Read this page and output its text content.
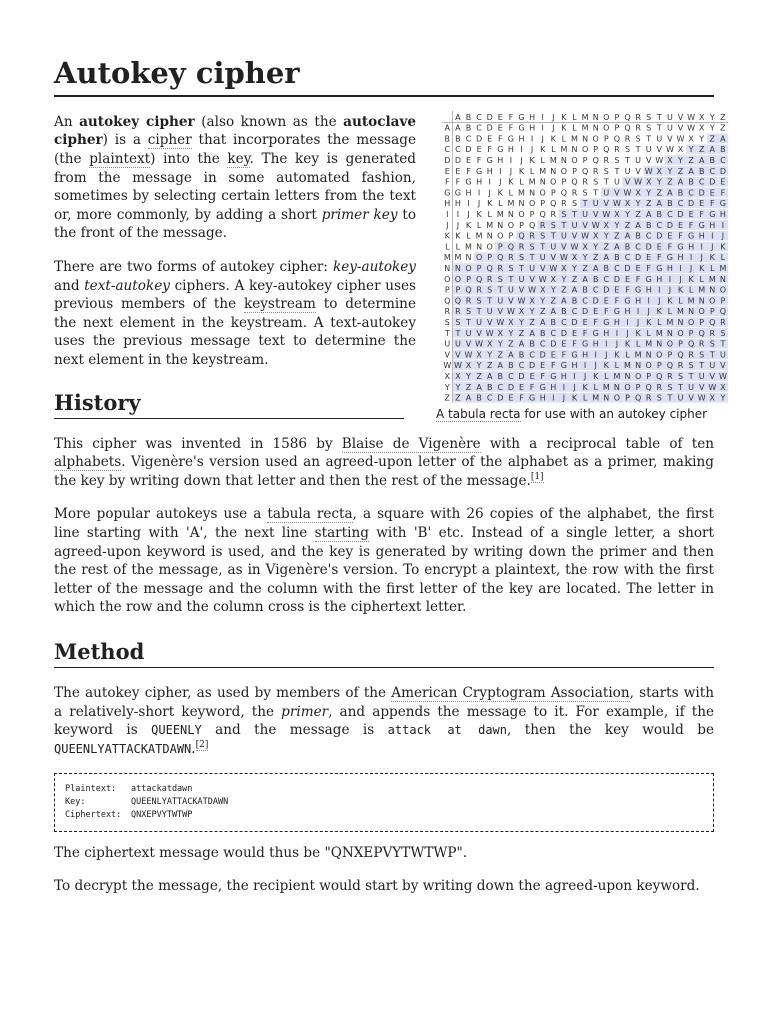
Autokey cipher
A B C D E F G H I J K L M N O P Q R S T U V W X Y Z
A A B C D E F G H I J K L M N O P Q R S T U V W X Y Z
B B C D E F G H I J K L M N O P Q R S T U V W X Y Z A
C C D E F G H I J K L M N O P Q R S T U V W X Y Z A B
D D E F G H I J K L M N O P Q R S T U V W X Y Z A B C
E E F G H I J K L M N O P Q R S T U V W X Y Z A B C D
F F G H I J K L M N O P Q R S T U V W X Y Z A B C D E
G G H I J K L M N O P Q R S T U V W X Y Z A B C D E F
H H I J K L M N O P Q R S T U V W X Y Z A B C D E F G
I I J K L M N O P Q R S T U V W X Y Z A B C D E F G H
J J K L M N O P Q R S T U V W X Y Z A B C D E F G H I
K K L M N O P Q R S T U V W X Y Z A B C D E F G H I J
L L M N O P Q R S T U V W X Y Z A B C D E F G H I J K
M M N O P Q R S T U V W X Y Z A B C D E F G H I J K L
N N O P Q R S T U V W X Y Z A B C D E F G H I J K L M
O O P Q R S T U V W X Y Z A B C D E F G H I J K L M N
P P Q R S T U V W X Y Z A B C D E F G H I J K L M N O
Q Q R S T U V W X Y Z A B C D E F G H I J K L M N O P
R R S T U V W X Y Z A B C D E F G H I J K L M N O P Q
S S T U V W X Y Z A B C D E F G H I J K L M N O P Q R
T T U V W X Y Z A B C D E F G H I J K L M N O P Q R S
U U V W X Y Z A B C D E F G H I J K L M N O P Q R S T
V V W X Y Z A B C D E F G H I J K L M N O P Q R S T U
W W X Y Z A B C D E F G H I J K L M N O P Q R S T U V
X X Y Z A B C D E F G H I J K L M N O P Q R S T U V W
Y Y Z A B C D E F G H I J K L M N O P Q R S T U V W X
Z Z A B C D E F G H I J K L M N O P Q R S T U V W X Y
A tabula recta for use with an autokey cipher

An autokey cipher (also known as the autoclave cipher) is a cipher that incorporates the message (the plaintext) into the key. The key is generated from the message in some automated fashion, sometimes by selecting certain letters from the text or, more commonly, by adding a short primer key to the front of the message.

There are two forms of autokey cipher: key-autokey and text-autokey ciphers. A key-autokey cipher uses previous members of the keystream to determine the next element in the keystream. A text-autokey uses the previous message text to determine the next element in the keystream.

History

This cipher was invented in 1586 by Blaise de Vigenère with a reciprocal table of ten alphabets. Vigenère's version used an agreed-upon letter of the alphabet as a primer, making the key by writing down that letter and then the rest of the message.[1]

More popular autokeys use a tabula recta, a square with 26 copies of the alphabet, the first line starting with 'A', the next line starting with 'B' etc. Instead of a single letter, a short agreed-upon keyword is used, and the key is generated by writing down the primer and then the rest of the message, as in Vigenère's version. To encrypt a plaintext, the row with the first letter of the message and the column with the first letter of the key are located. The letter in which the row and the column cross is the ciphertext letter.

Method

The autokey cipher, as used by members of the American Cryptogram Association, starts with a relatively-short keyword, the primer, and appends the message to it. For example, if the keyword is QUEENLY and the message is attack at dawn, then the key would be QUEENLYATTACKATDAWN.[2]

Plaintext: attackatdawn
Key:	QUEENLYATTACKATDAWN
Ciphertext: QNXEPVYTWTWP

The ciphertext message would thus be "QNXEPVYTWTWP".

To decrypt the message, the recipient would start by writing down the agreed-upon keyword.
